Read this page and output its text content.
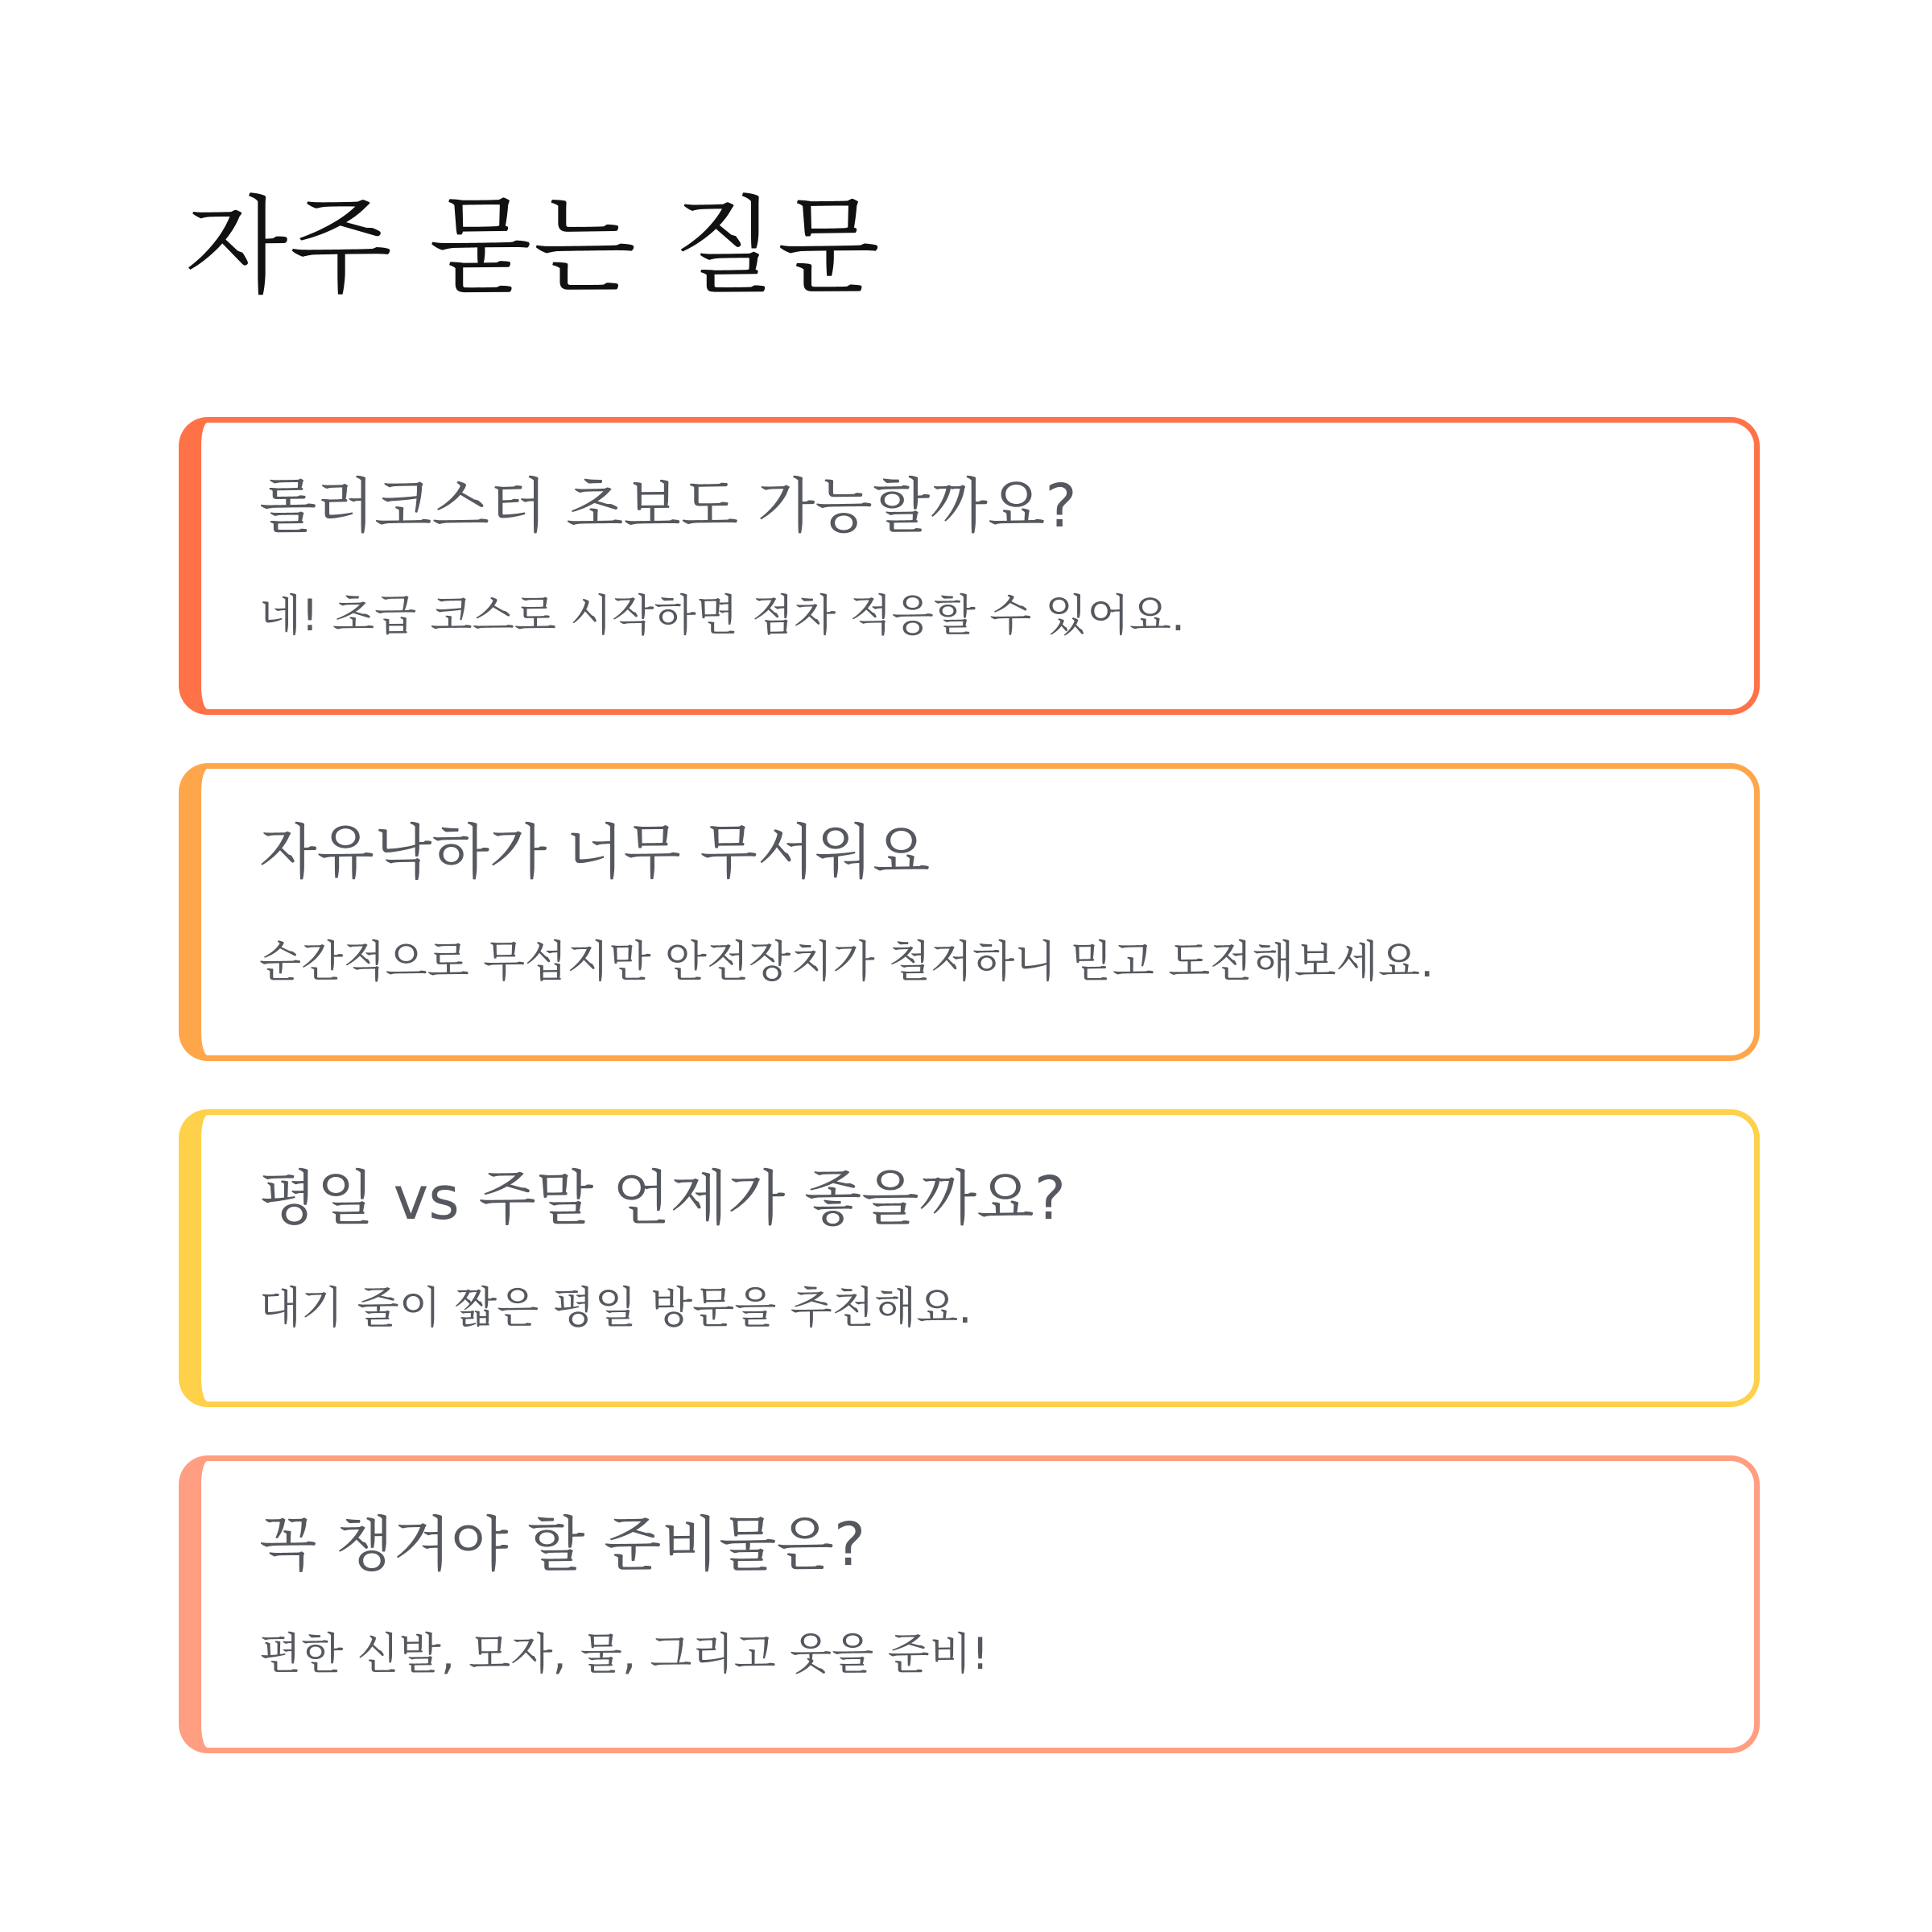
자주 묻는 질문
롤러코스터 초보도 가능할까요?

네! 초급 코스로 시작하면 점차 적응할 수 있어요.

자유낙하가 너무 무서워요

순간적으로 무섭지만 안전장치가 철저하니 믿고 도전해보세요.

평일 vs 주말 언제가 좋을까요?

대기 줄이 짧은 평일 방문을 추천해요.

꼭 챙겨야 할 준비물은?

편한 신발, 모자, 물, 그리고 웃을 준비!
